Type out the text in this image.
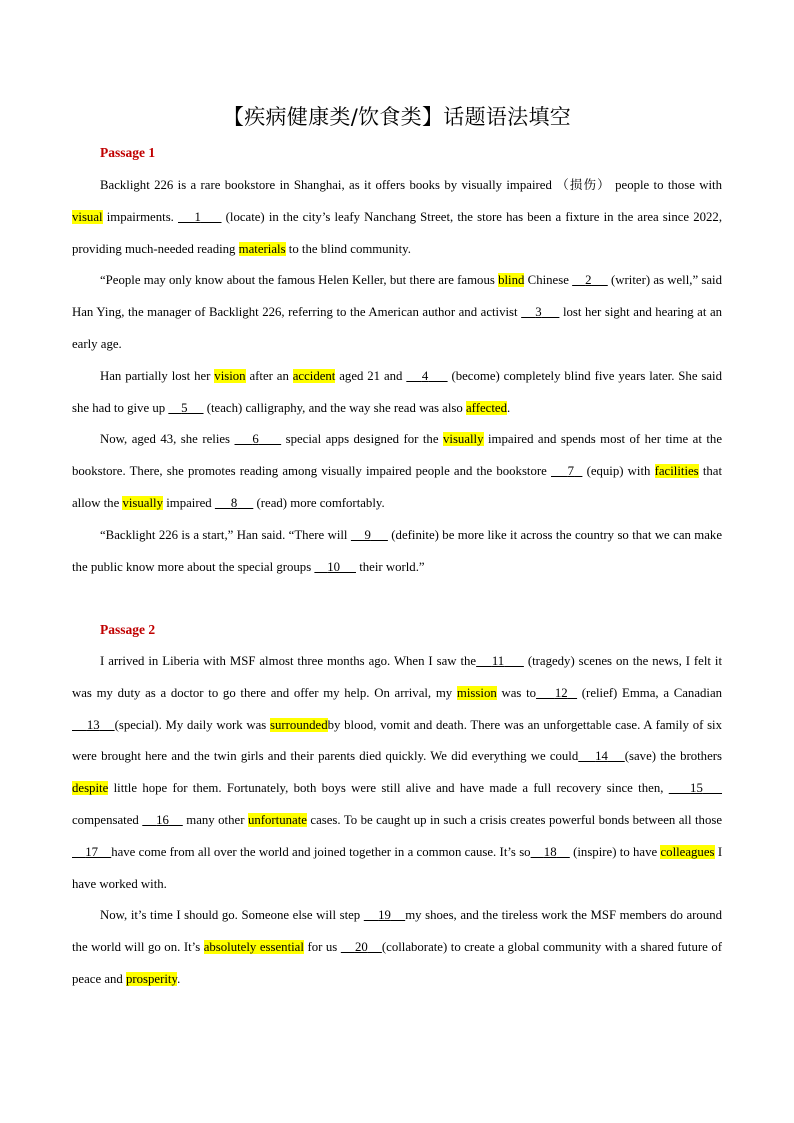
【疾病健康类/饮食类】话题语法填空
Passage 1

Backlight 226 is a rare bookstore in Shanghai, as it offers books by visually impaired （损伤） people to those with visual impairments. 1 (locate) in the city’s leafy Nanchang Street, the store has been a fixture in the area since 2022, providing much-needed reading materials to the blind community.

“People may only know about the famous Helen Keller, but there are famous blind Chinese 2 (writer) as well,” said Han Ying, the manager of Backlight 226, referring to the American author and activist 3 lost her sight and hearing at an early age.

Han partially lost her vision after an accident aged 21 and 4 (become) completely blind five years later. She said she had to give up 5 (teach) calligraphy, and the way she read was also affected.

Now, aged 43, she relies 6 special apps designed for the visually impaired and spends most of her time at the bookstore. There, she promotes reading among visually impaired people and the bookstore 7 (equip) with facilities that allow the visually impaired 8 (read) more comfortably.

“Backlight 226 is a start,” Han said. “There will 9 (definite) be more like it across the country so that we can make the public know more about the special groups 10 their world.”

Passage 2

I arrived in Liberia with MSF almost three months ago. When I saw the 11 (tragedy) scenes on the news, I felt it was my duty as a doctor to go there and offer my help. On arrival, my mission was to 12 (relief) Emma, a Canadian    13 (special). My daily work was surroundedby blood, vomit and death. There was an unforgettable case. A family of six were brought here and the twin girls and their parents died quickly. We did everything we could 14 (save) the brothers despite little hope for them. Fortunately, both boys were still alive and have made a full recovery since then, 15     compensated 16 many other unfortunate cases. To be caught up in such a crisis creates powerful bonds between all those    17 have come from all over the world and joined together in a common cause. It’s so 18 (inspire) to have colleagues I have worked with.

Now, it’s time I should go. Someone else will step 19 my shoes, and the tireless work the MSF members do around the world will go on. It’s absolutely essential for us 20 (collaborate) to create a global community with a shared future of peace and prosperity.
